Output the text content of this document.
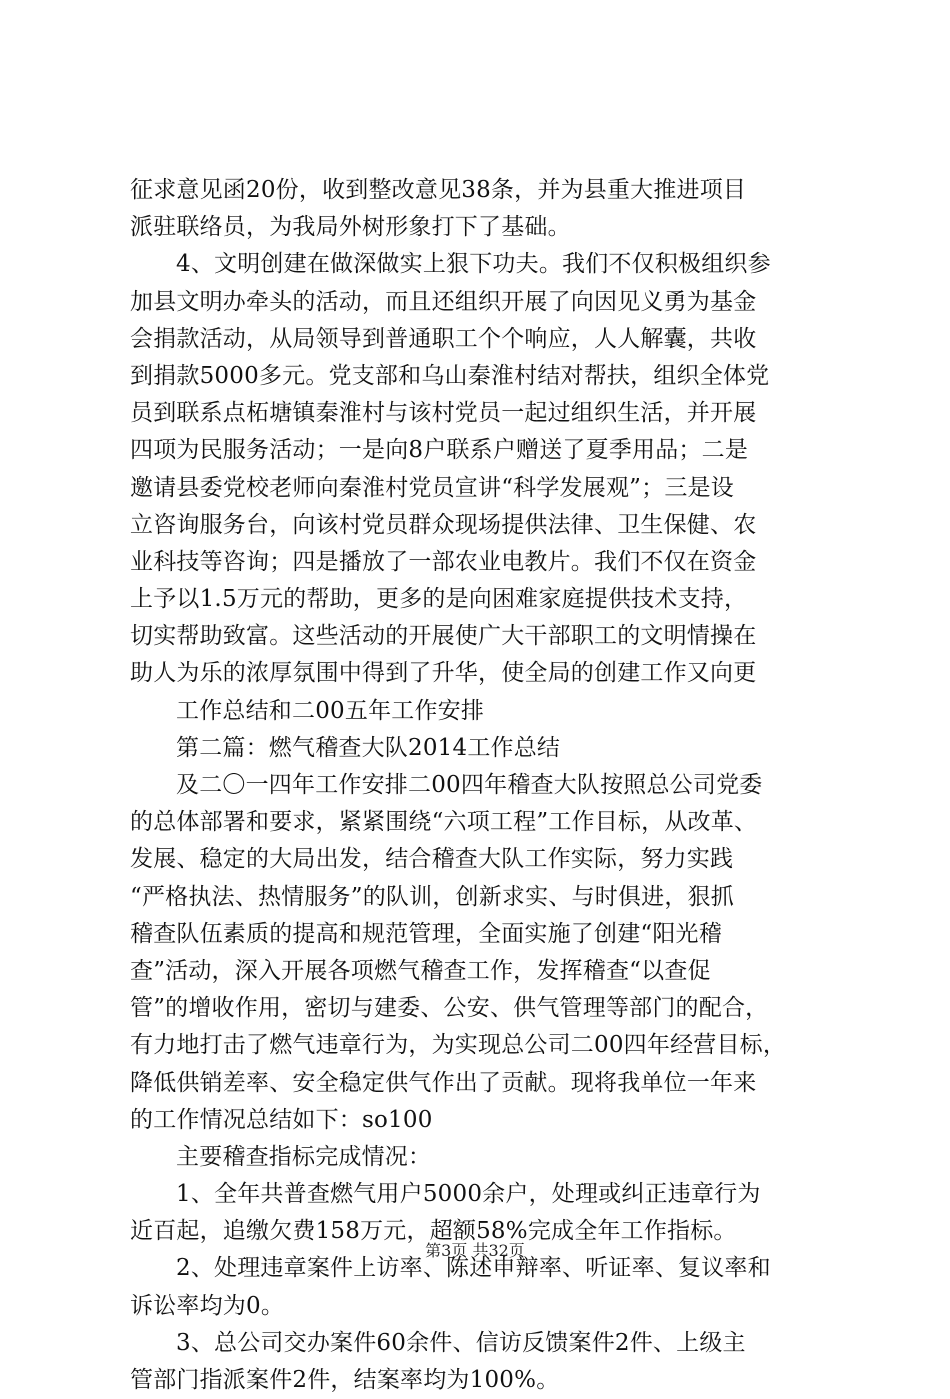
征求意见函20份，收到整改意见38条，并为县重大推进项目
派驻联络员，为我局外树形象打下了基础。
4、文明创建在做深做实上狠下功夫。我们不仅积极组织参
加县文明办牵头的活动，而且还组织开展了向因见义勇为基金
会捐款活动，从局领导到普通职工个个响应，人人解囊，共收
到捐款5000多元。党支部和乌山秦淮村结对帮扶，组织全体党
员到联系点柘塘镇秦淮村与该村党员一起过组织生活，并开展
四项为民服务活动；一是向8户联系户赠送了夏季用品；二是
邀请县委党校老师向秦淮村党员宣讲“科学发展观”；三是设
立咨询服务台，向该村党员群众现场提供法律、卫生保健、农
业科技等咨询；四是播放了一部农业电教片。我们不仅在资金
上予以1.5万元的帮助，更多的是向困难家庭提供技术支持，
切实帮助致富。这些活动的开展使广大干部职工的文明情操在
助人为乐的浓厚氛围中得到了升华，使全局的创建工作又向更
工作总结和二00五年工作安排
第二篇：燃气稽查大队2014工作总结
及二〇一四年工作安排二00四年稽查大队按照总公司党委
的总体部署和要求，紧紧围绕“六项工程”工作目标，从改革、
发展、稳定的大局出发，结合稽查大队工作实际，努力实践
“严格执法、热情服务”的队训，创新求实、与时俱进，狠抓
稽查队伍素质的提高和规范管理，全面实施了创建“阳光稽
查”活动，深入开展各项燃气稽查工作，发挥稽查“以查促
管”的增收作用，密切与建委、公安、供气管理等部门的配合，
有力地打击了燃气违章行为，为实现总公司二00四年经营目标，
降低供销差率、安全稳定供气作出了贡献。现将我单位一年来
的工作情况总结如下：so100
主要稽查指标完成情况：
1、全年共普查燃气用户5000余户，处理或纠正违章行为
近百起，追缴欠费158万元，超额58%完成全年工作指标。
2、处理违章案件上访率、陈述申辩率、听证率、复议率和
诉讼率均为0。
3、总公司交办案件60余件、信访反馈案件2件、上级主
管部门指派案件2件，结案率均为100%。
第3页 共32页
